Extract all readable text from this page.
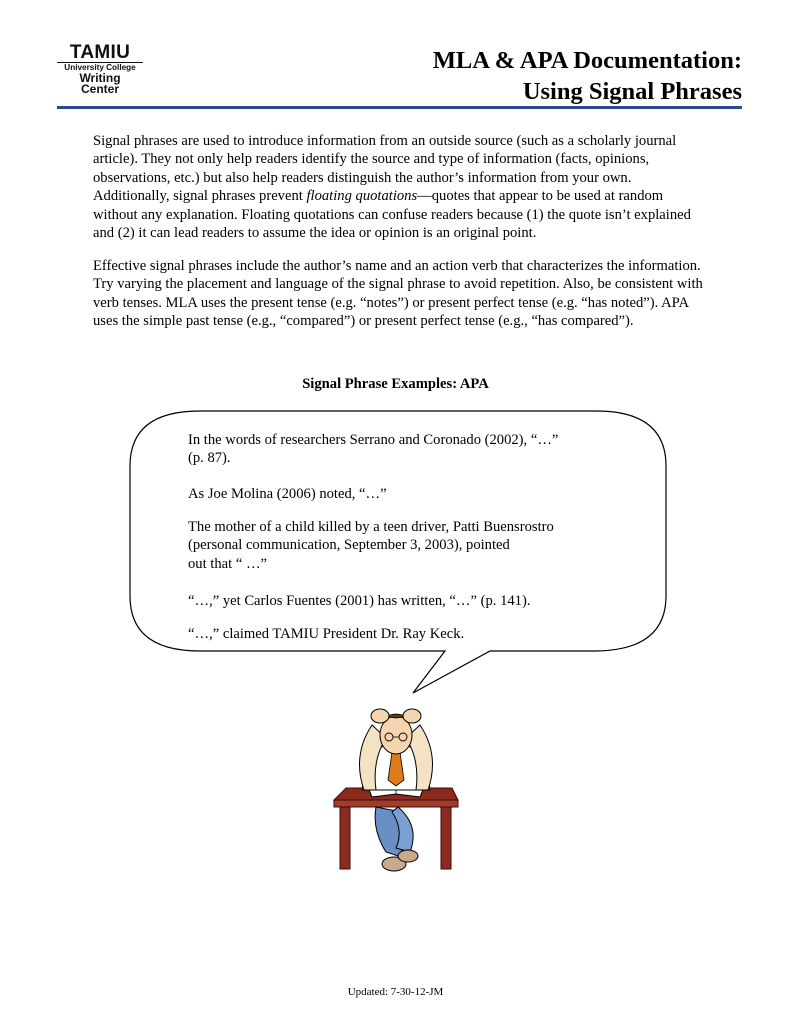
TAMIU
University College
Writing
Center
MLA & APA Documentation:
Using Signal Phrases
Signal phrases are used to introduce information from an outside source (such as a scholarly journal article). They not only help readers identify the source and type of information (facts, opinions, observations, etc.) but also help readers distinguish the author’s information from your own. Additionally, signal phrases prevent floating quotations—quotes that appear to be used at random without any explanation. Floating quotations can confuse readers because (1) the quote isn’t explained and (2) it can lead readers to assume the idea or opinion is an original point.
Effective signal phrases include the author’s name and an action verb that characterizes the information. Try varying the placement and language of the signal phrase to avoid repetition. Also, be consistent with verb tenses. MLA uses the present tense (e.g. “notes”) or present perfect tense (e.g. “has noted”). APA uses the simple past tense (e.g., “compared”) or present perfect tense (e.g., “has compared”).
Signal Phrase Examples: APA
In the words of researchers Serrano and Coronado (2002), “…”
(p. 87).
As Joe Molina (2006) noted, “…”
The mother of a child killed by a teen driver, Patti Buensrostro
(personal communication, September 3, 2003), pointed
out that “ …”
“…,” yet Carlos Fuentes (2001) has written, “…” (p. 141).
“…,” claimed TAMIU President Dr. Ray Keck.
Updated: 7-30-12-JM
